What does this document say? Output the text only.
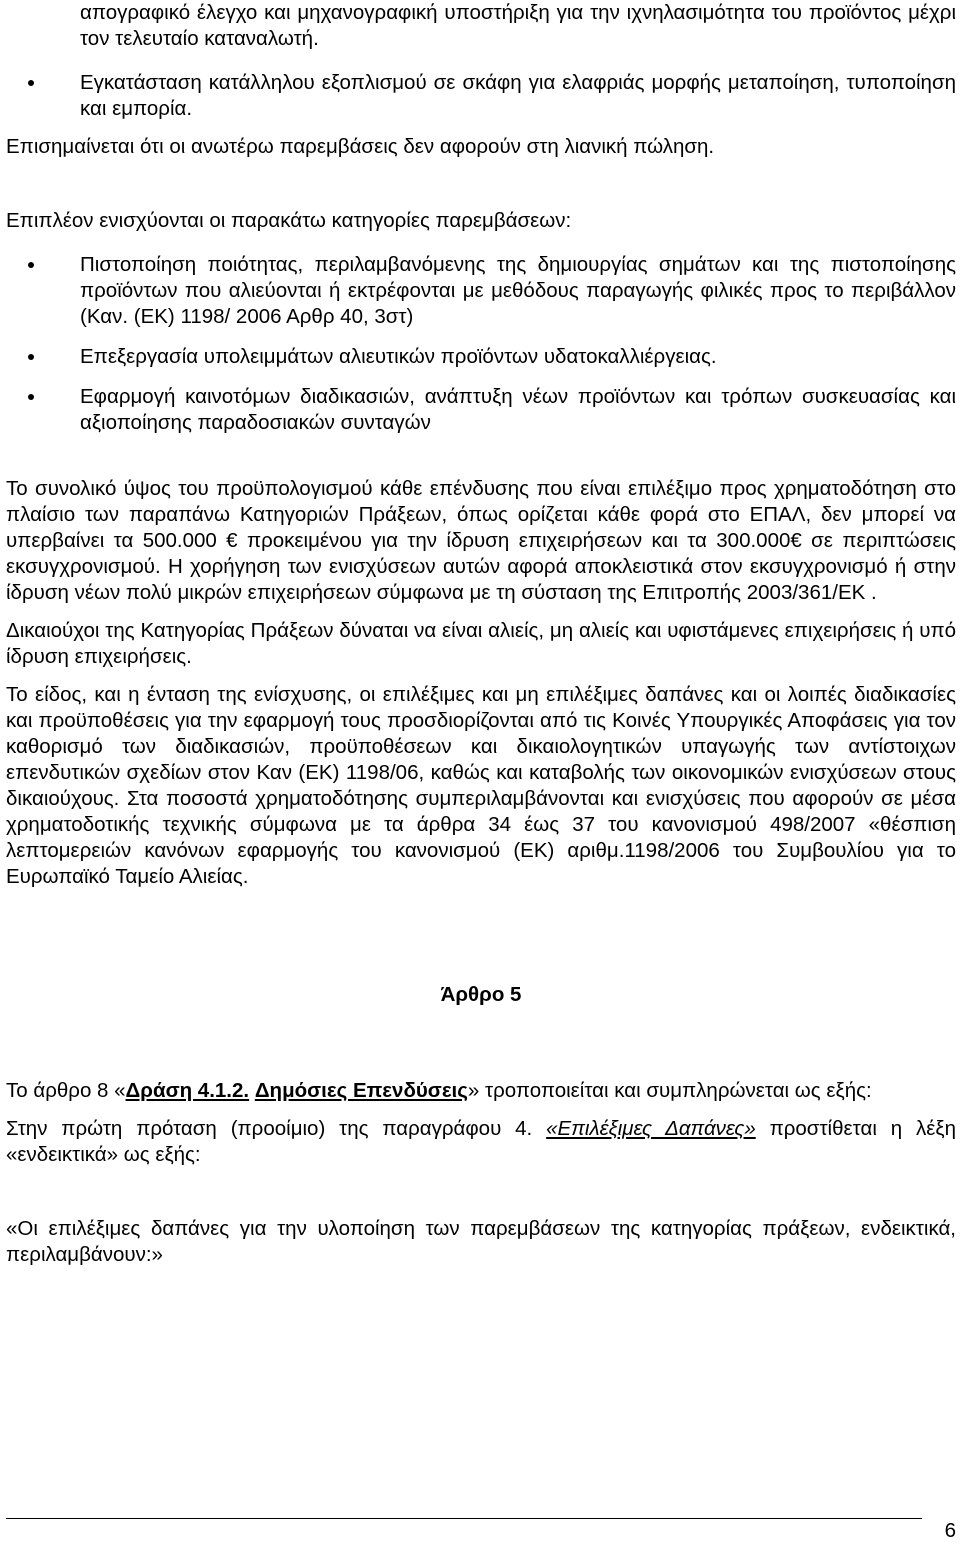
απογραφικό έλεγχο και μηχανογραφική υποστήριξη για την ιχνηλασιμότητα του προϊόντος μέχρι τον τελευταίο καταναλωτή.

Εγκατάσταση κατάλληλου εξοπλισμού σε σκάφη για ελαφριάς μορφής μεταποίηση, τυποποίηση και εμπορία.

Επισημαίνεται ότι οι ανωτέρω παρεμβάσεις δεν αφορούν στη λιανική πώληση.

Επιπλέον ενισχύονται οι παρακάτω κατηγορίες παρεμβάσεων:

Πιστοποίηση ποιότητας, περιλαμβανόμενης της δημιουργίας σημάτων και της πιστοποίησης προϊόντων που αλιεύονται ή εκτρέφονται με μεθόδους παραγωγής φιλικές προς το περιβάλλον (Καν. (ΕΚ) 1198/ 2006 Αρθρ 40, 3στ)
Επεξεργασία υπολειμμάτων αλιευτικών προϊόντων υδατοκαλλιέργειας.
Εφαρμογή καινοτόμων διαδικασιών, ανάπτυξη νέων προϊόντων και τρόπων συσκευασίας και αξιοποίησης παραδοσιακών συνταγών

Το συνολικό ύψος του προϋπολογισμού κάθε επένδυσης που είναι επιλέξιμο προς χρηματοδότηση στο πλαίσιο των παραπάνω Κατηγοριών Πράξεων, όπως ορίζεται κάθε φορά στο ΕΠΑΛ, δεν μπορεί να υπερβαίνει τα 500.000 € προκειμένου για την ίδρυση επιχειρήσεων και τα 300.000€ σε περιπτώσεις εκσυγχρονισμού. Η χορήγηση των ενισχύσεων αυτών αφορά αποκλειστικά στον εκσυγχρονισμό ή στην ίδρυση νέων πολύ μικρών επιχειρήσεων σύμφωνα με τη σύσταση της Επιτροπής 2003/361/ΕΚ .

Δικαιούχοι της Κατηγορίας Πράξεων δύναται να είναι αλιείς, μη αλιείς και υφιστάμενες επιχειρήσεις ή υπό ίδρυση επιχειρήσεις.

Το είδος, και η ένταση της ενίσχυσης, οι επιλέξιμες και μη επιλέξιμες δαπάνες και οι λοιπές διαδικασίες και προϋποθέσεις για την εφαρμογή τους προσδιορίζονται από τις Κοινές Υπουργικές Αποφάσεις για τον καθορισμό των διαδικασιών, προϋποθέσεων και δικαιολογητικών υπαγωγής των αντίστοιχων επενδυτικών σχεδίων στον Καν (ΕΚ) 1198/06, καθώς και καταβολής των οικονομικών ενισχύσεων στους δικαιούχους. Στα ποσοστά χρηματοδότησης συμπεριλαμβάνονται και ενισχύσεις που αφορούν σε μέσα χρηματοδοτικής τεχνικής σύμφωνα με τα άρθρα 34 έως 37 του κανονισμού 498/2007 «θέσπιση λεπτομερειών κανόνων εφαρμογής του κανονισμού (ΕΚ) αριθμ.1198/2006 του Συμβουλίου για το Ευρωπαϊκό Ταμείο Αλιείας.

Άρθρο 5

Το άρθρο 8 «Δράση 4.1.2. Δημόσιες Επενδύσεις» τροποποιείται και συμπληρώνεται ως εξής:

Στην πρώτη πρόταση (προοίμιο) της παραγράφου 4. «Επιλέξιμες Δαπάνες» προστίθεται η λέξη «ενδεικτικά» ως εξής:

«Οι επιλέξιμες δαπάνες για την υλοποίηση των παρεμβάσεων της κατηγορίας πράξεων, ενδεικτικά, περιλαμβάνουν:»

6
